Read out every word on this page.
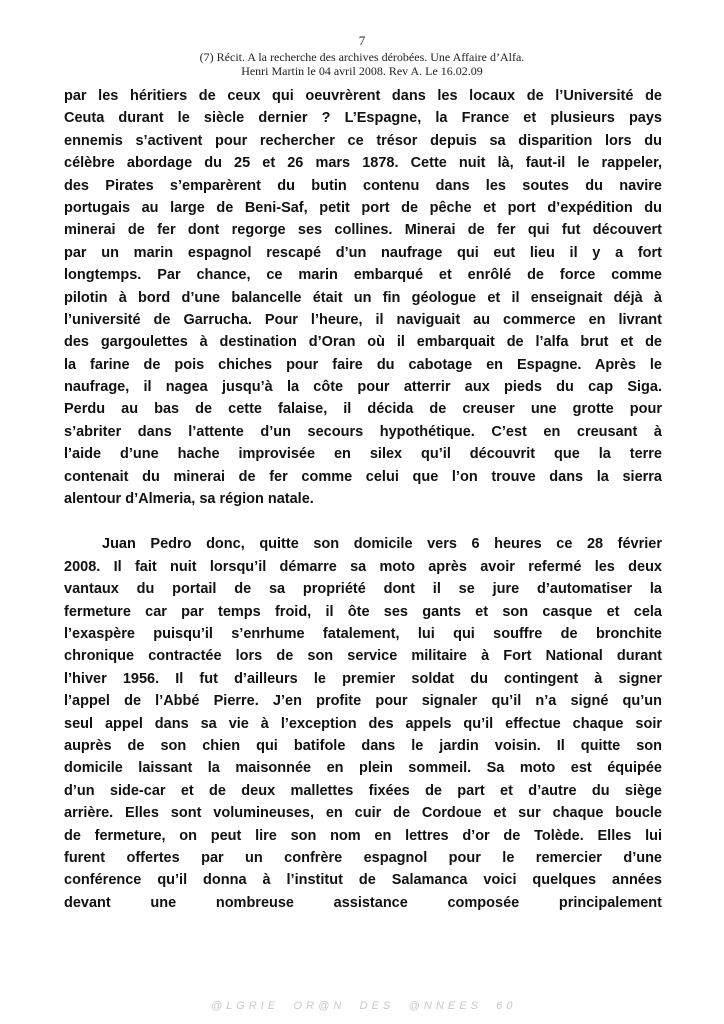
7
(7) Récit. A la recherche des archives dérobées. Une Affaire d’Alfa.
Henri Martin le 04 avril 2008. Rev A. Le 16.02.09
par les héritiers de ceux qui oeuvrèrent dans les locaux de l’Université de
Ceuta durant le siècle dernier ? L’Espagne, la France et plusieurs pays
ennemis s’activent pour rechercher ce trésor depuis sa disparition lors du
célèbre abordage du 25 et 26 mars 1878. Cette nuit là, faut-il le rappeler,
des Pirates s’emparèrent du butin contenu dans les soutes du navire
portugais au large de Beni-Saf, petit port de pêche et port d’expédition du
minerai de fer dont regorge ses collines. Minerai de fer qui fut découvert
par un marin espagnol rescapé d’un naufrage qui eut lieu il y a fort
longtemps. Par chance, ce marin embarqué et enrôlé de force comme
pilotin à bord d’une balancelle était un fin géologue et il enseignait déjà à
l’université de Garrucha. Pour l’heure, il naviguait au commerce en livrant
des gargoulettes à destination d’Oran où il embarquait de l’alfa brut et de
la farine de pois chiches pour faire du cabotage en Espagne. Après le
naufrage, il nagea jusqu’à la côte pour atterrir aux pieds du cap Siga.
Perdu au bas de cette falaise, il décida de creuser une grotte pour
s’abriter dans l’attente d’un secours hypothétique. C’est en creusant à
l’aide d’une hache improvisée en silex qu’il découvrit que la terre
contenait du minerai de fer comme celui que l’on trouve dans la sierra
alentour d’Almeria, sa région natale.
Juan Pedro donc, quitte son domicile vers 6 heures ce 28 février
2008. Il fait nuit lorsqu’il démarre sa moto après avoir refermé les deux
vantaux du portail de sa propriété dont il se jure d’automatiser la
fermeture car par temps froid, il ôte ses gants et son casque et cela
l’exaspère puisqu’il s’enrhume fatalement, lui qui souffre de bronchite
chronique contractée lors de son service militaire à Fort National durant
l’hiver 1956. Il fut d’ailleurs le premier soldat du contingent à signer
l’appel de l’Abbé Pierre. J’en profite pour signaler qu’il n’a signé qu’un
seul appel dans sa vie à l’exception des appels qu’il effectue chaque soir
auprès de son chien qui batifole dans le jardin voisin. Il quitte son
domicile laissant la maisonnée en plein sommeil. Sa moto est équipée
d’un side-car et de deux mallettes fixées de part et d’autre du siège
arrière. Elles sont volumineuses, en cuir de Cordoue et sur chaque boucle
de fermeture, on peut lire son nom en lettres d’or de Tolède. Elles lui
furent offertes par un confrère espagnol pour le remercier d’une
conférence qu’il donna à l’institut de Salamanca voici quelques années
devant une nombreuse assistance composée principalement
@ L G R I E     O R @ N     D E S     @ N N E E S     6 0
